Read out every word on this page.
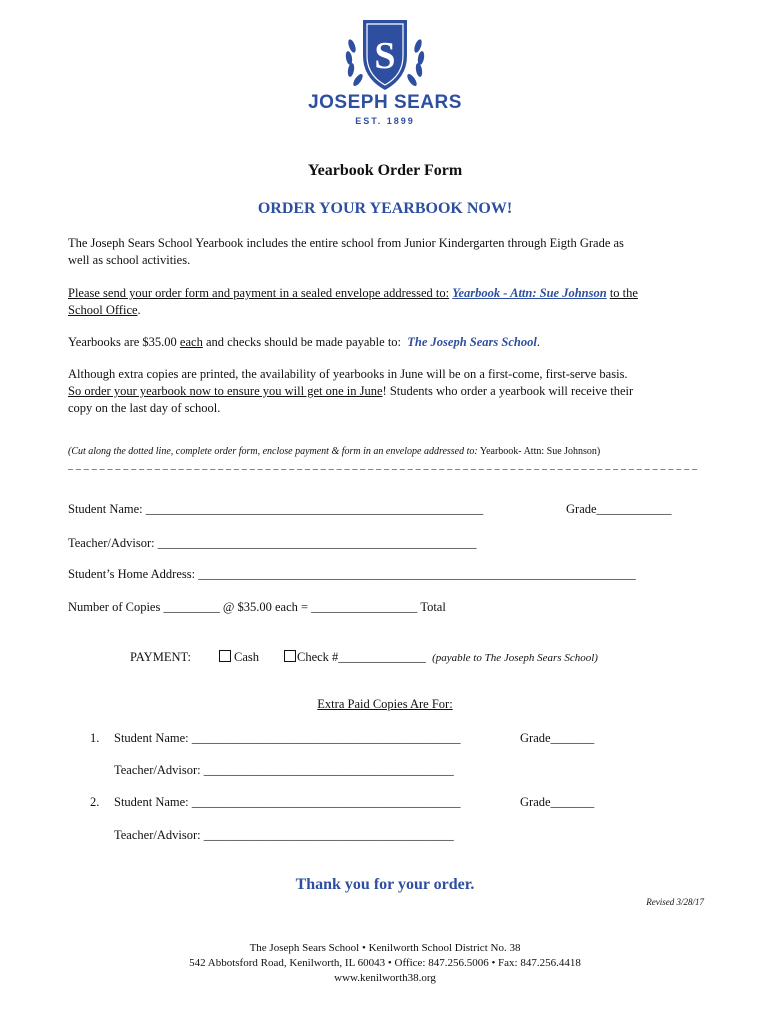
S
JOSEPH SEARS
EST. 1899
Yearbook Order Form
ORDER YOUR YEARBOOK NOW!
The Joseph Sears School Yearbook includes the entire school from Junior Kindergarten through Eigth Grade as
well as school activities.
Please send your order form and payment in a sealed envelope addressed to: Yearbook - Attn: Sue Johnson to the
School Office.
Yearbooks are $35.00 each and checks should be made payable to: The Joseph Sears School.
Although extra copies are printed, the availability of yearbooks in June will be on a first-come, first-serve basis.
So order your yearbook now to ensure you will get one in June! Students who order a yearbook will receive their
copy on the last day of school.
(Cut along the dotted line, complete order form, enclose payment & form in an envelope addressed to: Yearbook- Attn: Sue Johnson)
_ _ _ _ _ _ _ _ _ _ _ _ _ _ _ _ _ _ _ _ _ _ _ _ _ _ _ _ _ _ _ _ _ _ _ _ _ _ _ _ _ _ _ _ _ _ _ _ _ _ _ _ _ _ _ _ _ _ _ _ _ _ _ _ _ _ _ _ _ _ _ _ _ _ _ _ _ _ _ _
Student Name: ______________________________________________________	Grade____________
Teacher/Advisor: ___________________________________________________
Student’s Home Address: ______________________________________________________________________
Number of Copies _________ @ $35.00 each = _________________ Total
PAYMENT:	Cash	Check #______________ (payable to The Joseph Sears School)
Extra Paid Copies Are For:
1. Student Name: ___________________________________________	Grade_______
Teacher/Advisor: ________________________________________
2. Student Name: ___________________________________________	Grade_______
Teacher/Advisor: ________________________________________
Thank you for your order.
Revised 3/28/17
The Joseph Sears School • Kenilworth School District No. 38
542 Abbotsford Road, Kenilworth, IL 60043 • Office: 847.256.5006 • Fax: 847.256.4418
www.kenilworth38.org
